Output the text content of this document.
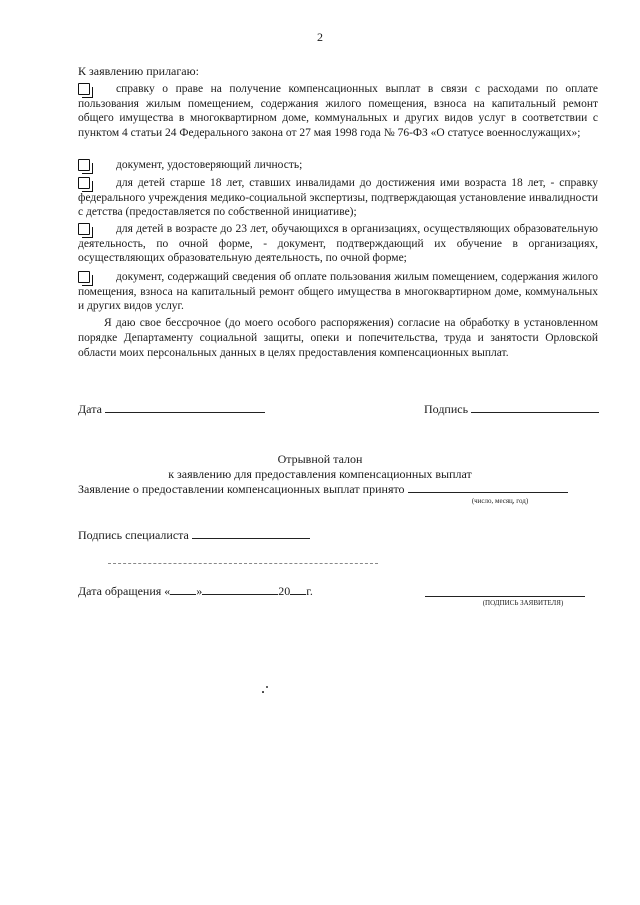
2
К заявлению прилагаю:
справку о праве на получение компенсационных выплат в связи с расходами по оплате пользования жилым помещением, содержания жилого помещения, взноса на капитальный ремонт общего имущества в многоквартирном доме, коммунальных и других видов услуг в соответствии с пунктом 4 статьи 24 Федерального закона от 27 мая 1998 года № 76-ФЗ «О статусе военнослужащих»;
документ, удостоверяющий личность;
для детей старше 18 лет, ставших инвалидами до достижения ими возраста 18 лет, - справку федерального учреждения медико-социальной экспертизы, подтверждающая установление инвалидности с детства (предоставляется по собственной инициативе);
для детей в возрасте до 23 лет, обучающихся в организациях, осуществляющих образовательную деятельность, по очной форме, - документ, подтверждающий их обучение в организациях, осуществляющих образовательную деятельность, по очной форме;
документ, содержащий сведения об оплате пользования жилым помещением, содержания жилого помещения, взноса на капитальный ремонт общего имущества в многоквартирном доме, коммунальных и других видов услуг.
Я даю свое бессрочное (до моего особого распоряжения) согласие на обработку в установленном порядке Департаменту социальной защиты, опеки и попечительства, труда и занятости Орловской области моих персональных данных в целях предоставления компенсационных выплат.
Дата	Подпись
Отрывной талон
к заявлению для предоставления компенсационных выплат
Заявление о предоставлении компенсационных выплат принято
(число, месяц, год)
Подпись специалиста
Дата обращения « »	20 г.
(ПОДПИСЬ ЗАЯВИТЕЛЯ)
